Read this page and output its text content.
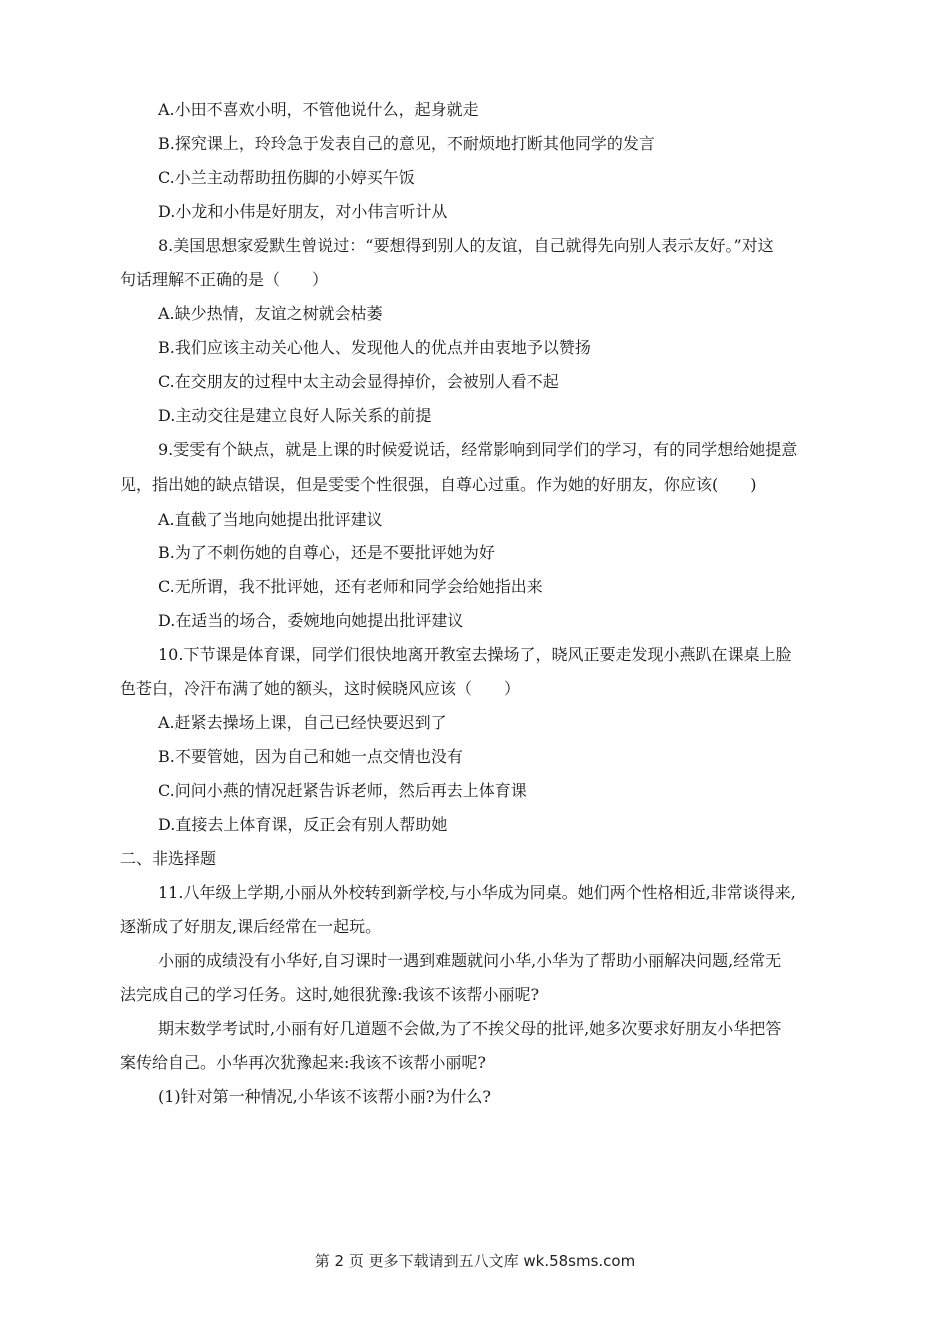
A.小田不喜欢小明，不管他说什么，起身就走
B.探究课上，玲玲急于发表自己的意见，不耐烦地打断其他同学的发言
C.小兰主动帮助扭伤脚的小婷买午饭
D.小龙和小伟是好朋友，对小伟言听计从
8.美国思想家爱默生曾说过：“要想得到别人的友谊，自己就得先向别人表示友好。”对这
句话理解不正确的是（　　）
A.缺少热情，友谊之树就会枯萎
B.我们应该主动关心他人、发现他人的优点并由衷地予以赞扬
C.在交朋友的过程中太主动会显得掉价，会被别人看不起
D.主动交往是建立良好人际关系的前提
9.雯雯有个缺点，就是上课的时候爱说话，经常影响到同学们的学习，有的同学想给她提意
见，指出她的缺点错误，但是雯雯个性很强，自尊心过重。作为她的好朋友，你应该(　　)
A.直截了当地向她提出批评建议
B.为了不刺伤她的自尊心，还是不要批评她为好
C.无所谓，我不批评她，还有老师和同学会给她指出来
D.在适当的场合，委婉地向她提出批评建议
10.下节课是体育课，同学们很快地离开教室去操场了，晓风正要走发现小燕趴在课桌上脸
色苍白，冷汗布满了她的额头，这时候晓风应该（　　）
A.赶紧去操场上课，自己已经快要迟到了
B.不要管她，因为自己和她一点交情也没有
C.问问小燕的情况赶紧告诉老师，然后再去上体育课
D.直接去上体育课，反正会有别人帮助她
二、非选择题
11.八年级上学期,小丽从外校转到新学校,与小华成为同桌。她们两个性格相近,非常谈得来,
逐渐成了好朋友,课后经常在一起玩。
小丽的成绩没有小华好,自习课时一遇到难题就问小华,小华为了帮助小丽解决问题,经常无
法完成自己的学习任务。这时,她很犹豫:我该不该帮小丽呢?
期末数学考试时,小丽有好几道题不会做,为了不挨父母的批评,她多次要求好朋友小华把答
案传给自己。小华再次犹豫起来:我该不该帮小丽呢?
(1)针对第一种情况,小华该不该帮小丽?为什么?
第 2 页 更多下载请到五八文库 wk.58sms.com
